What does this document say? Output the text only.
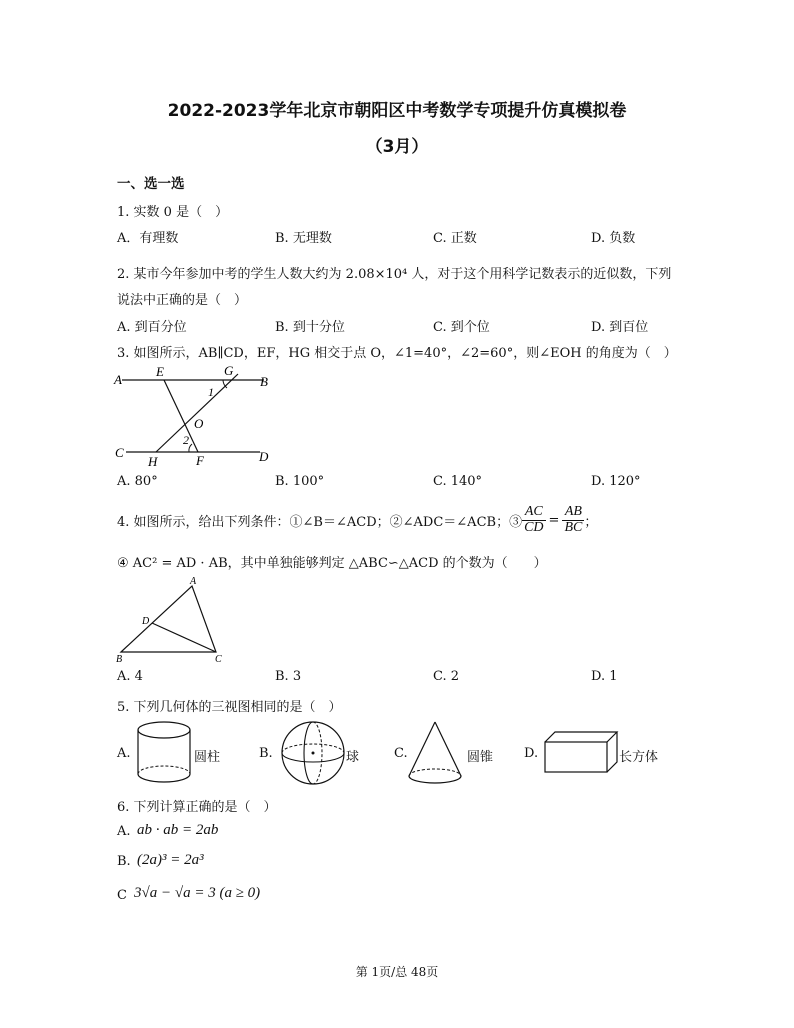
2022-2023学年北京市朝阳区中考数学专项提升仿真模拟卷
（3月）
一、选一选
1. 实数 0 是（　）
A．有理数	B. 无理数	C. 正数	D. 负数
2. 某市今年参加中考的学生人数大约为 2.08×10⁴ 人，对于这个用科学记数表示的近似数，下列
说法中正确的是（　）
A. 到百分位	B. 到十分位	C. 到个位	D. 到百位
3. 如图所示，AB∥CD，EF，HG 相交于点 O，∠1=40°，∠2=60°，则∠EOH 的角度为（　）
A
E	G
B
1
O
2
C
H	F	D
A. 80°	B. 100°	C. 140°	D. 120°
4. 如图所示，给出下列条件：①∠B＝∠ACD；②∠ADC＝∠ACB；③ $\frac{AC}{CD} = \frac{AB}{BC}$ ；
④ AC² = AD · AB，其中单独能够判定 △ABC∽△ACD 的个数为（　　）
A
D
B	C
A. 4	B. 3	C. 2	D. 1
5. 下列几何体的三视图相同的是（　）
A.	圆柱	B.	球	C.	圆锥 D.	长方体
6. 下列计算正确的是（　）
A. ab · ab = 2ab
B. (2a)³ = 2a³
C 3√a − √a = 3 (a ≥ 0)
第 1页/总 48页
